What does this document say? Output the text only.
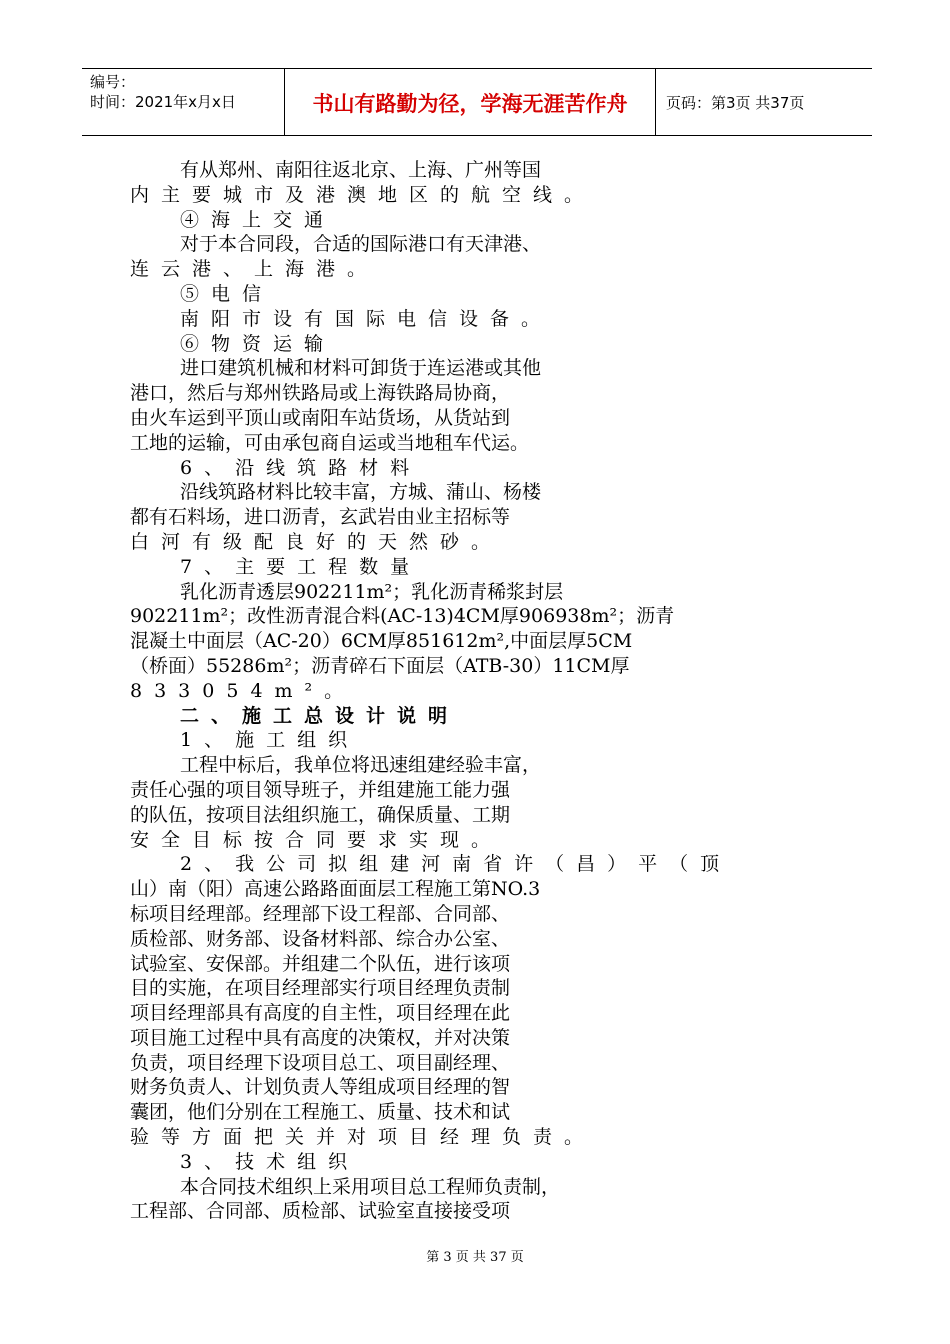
编号：
时间：2021年x月x日	书山有路勤为径，学海无涯苦作舟	页码：第3页 共37页
有从郑州、南阳往返北京、上海、广州等国
内主要城市及港澳地区的航空线。
④海上交通
对于本合同段，合适的国际港口有天津港、
连云港、上海港。
⑤电信
南阳市设有国际电信设备。
⑥物资运输
进口建筑机械和材料可卸货于连运港或其他
港口，然后与郑州铁路局或上海铁路局协商，
由火车运到平顶山或南阳车站货场，从货站到
工地的运输，可由承包商自运或当地租车代运。
6、沿线筑路材料
沿线筑路材料比较丰富，方城、蒲山、杨楼
都有石料场，进口沥青，玄武岩由业主招标等
白河有级配良好的天然砂。
7、主要工程数量
乳化沥青透层902211m²；乳化沥青稀浆封层
902211m²；改性沥青混合料(AC-13)4CM厚906938m²；沥青
混凝土中面层（AC-20）6CM厚851612m²,中面层厚5CM
（桥面）55286m²；沥青碎石下面层（ATB-30）11CM厚
833054m²。
二、施工总设计说明
1、施工组织
工程中标后，我单位将迅速组建经验丰富，
责任心强的项目领导班子，并组建施工能力强
的队伍，按项目法组织施工，确保质量、工期
安全目标按合同要求实现。
2、我公司拟组建河南省许（昌）平（顶
山）南（阳）高速公路路面面层工程施工第NO.3
标项目经理部。经理部下设工程部、合同部、
质检部、财务部、设备材料部、综合办公室、
试验室、安保部。并组建二个队伍，进行该项
目的实施，在项目经理部实行项目经理负责制
项目经理部具有高度的自主性，项目经理在此
项目施工过程中具有高度的决策权，并对决策
负责，项目经理下设项目总工、项目副经理、
财务负责人、计划负责人等组成项目经理的智
囊团，他们分别在工程施工、质量、技术和试
验等方面把关并对项目经理负责。
3、技术组织
本合同技术组织上采用项目总工程师负责制，
工程部、合同部、质检部、试验室直接接受项
第 3 页 共 37 页
